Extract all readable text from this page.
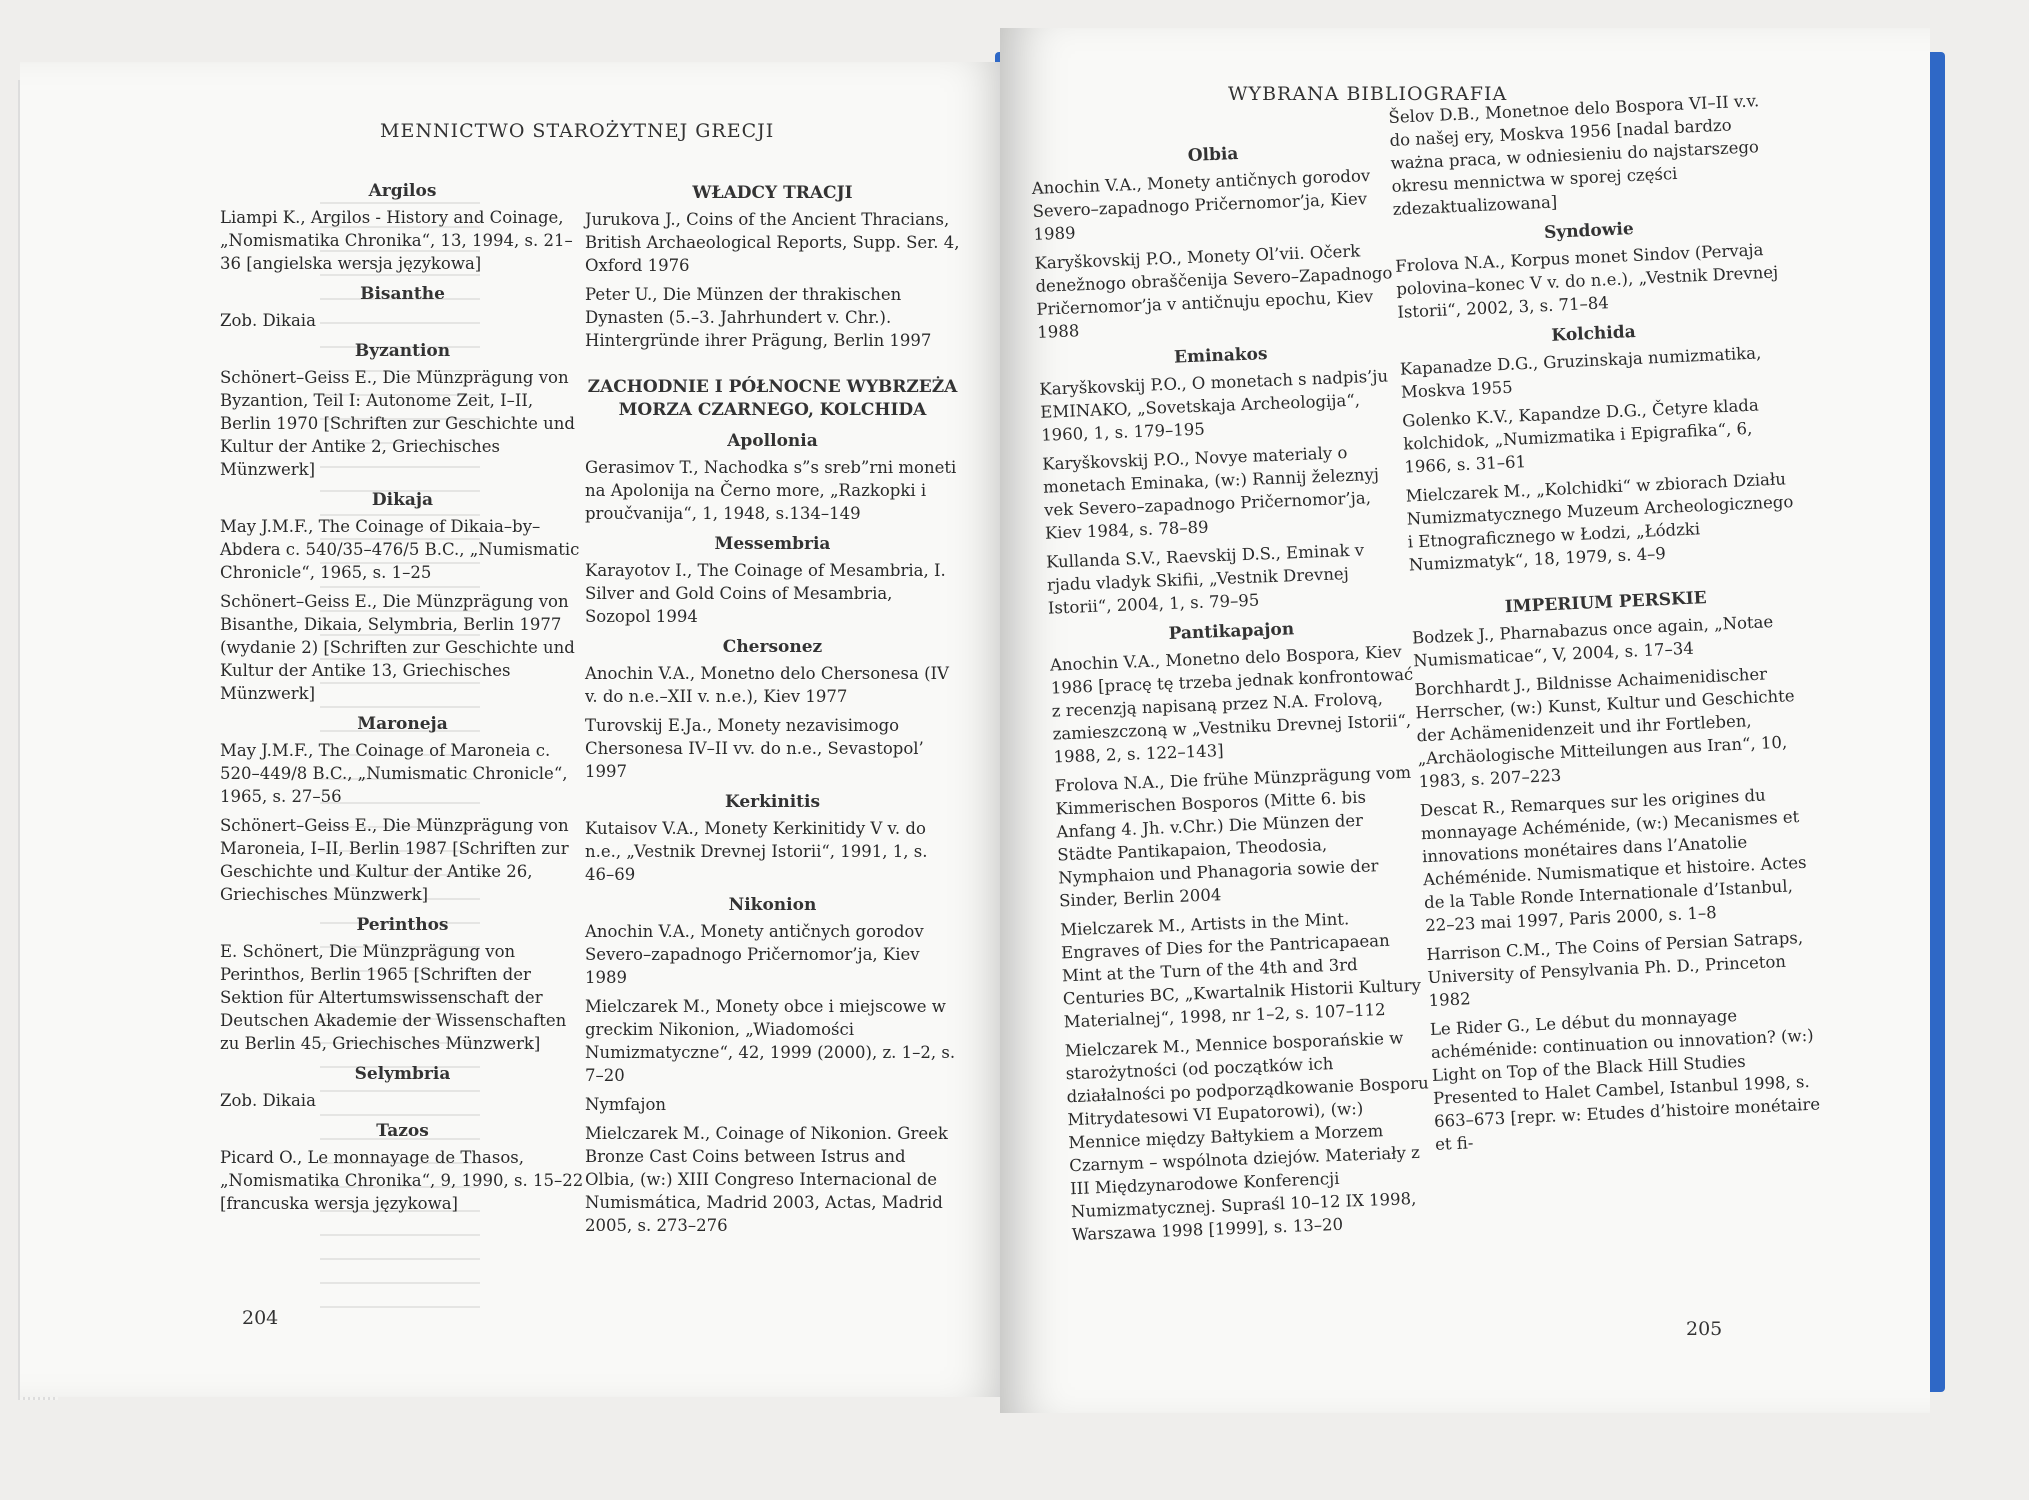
MENNICTWO STAROŻYTNEJ GRECJI
Argilos

Liampi K., Argilos - History and Coinage, „Nomismatika Chronika“, 13, 1994, s. 21–36 [angielska wersja językowa]

Bisanthe

Zob. Dikaia

Byzantion

Schönert–Geiss E., Die Münzprägung von Byzantion, Teil I: Autonome Zeit, I–II, Berlin 1970 [Schriften zur Geschichte und Kultur der Antike 2, Griechisches Münzwerk]

Dikaja

May J.M.F., The Coinage of Dikaia–by–Abdera c. 540/35–476/5 B.C., „Numismatic Chronicle“, 1965, s. 1–25

Schönert–Geiss E., Die Münzprägung von Bisanthe, Dikaia, Selymbria, Berlin 1977 (wydanie 2) [Schriften zur Geschichte und Kultur der Antike 13, Griechisches Münzwerk]

Maroneja

May J.M.F., The Coinage of Maroneia c. 520–449/8 B.C., „Numismatic Chronicle“, 1965, s. 27–56

Schönert–Geiss E., Die Münzprägung von Maroneia, I–II, Berlin 1987 [Schriften zur Geschichte und Kultur der Antike 26, Griechisches Münzwerk]

Perinthos

E. Schönert, Die Münzprägung von Perinthos, Berlin 1965 [Schriften der Sektion für Altertumswissenschaft der Deutschen Akademie der Wissenschaften zu Berlin 45, Griechisches Münzwerk]

Selymbria

Zob. Dikaia

Tazos

Picard O., Le monnayage de Thasos, „Nomismatika Chronika“, 9, 1990, s. 15–22 [francuska wersja językowa]

WŁADCY TRACJI

Jurukova J., Coins of the Ancient Thracians, British Archaeological Reports, Supp. Ser. 4, Oxford 1976

Peter U., Die Münzen der thrakischen Dynasten (5.–3. Jahrhundert v. Chr.). Hintergründe ihrer Prägung, Berlin 1997

ZACHODNIE I PÓŁNOCNE WYBRZEŻA MORZA CZARNEGO, KOLCHIDA
Apollonia

Gerasimov T., Nachodka s”s sreb”rni moneti na Apolonija na Černo more, „Razkopki i proučvanija“, 1, 1948, s.134–149

Messembria

Karayotov I., The Coinage of Mesambria, I. Silver and Gold Coins of Mesambria, Sozopol 1994

Chersonez

Anochin V.A., Monetno delo Chersonesa (IV v. do n.e.–XII v. n.e.), Kiev 1977

Turovskij E.Ja., Monety nezavisimogo Chersonesa IV–II vv. do n.e., Sevastopol’ 1997

Kerkinitis

Kutaisov V.A., Monety Kerkinitidy V v. do n.e., „Vestnik Drevnej Istorii“, 1991, 1, s. 46–69

Nikonion

Anochin V.A., Monety antičnych gorodov Severo–zapadnogo Pričernomor’ja, Kiev 1989

Mielczarek M., Monety obce i miejscowe w greckim Nikonion, „Wiadomości Numizmatyczne“, 42, 1999 (2000), z. 1–2, s. 7–20

Nymfajon

Mielczarek M., Coinage of Nikonion. Greek Bronze Cast Coins between Istrus and Olbia, (w:) XIII Congreso Internacional de Numismática, Madrid 2003, Actas, Madrid 2005, s. 273–276

204
WYBRANA BIBLIOGRAFIA
Olbia

Anochin V.A., Monety antičnych gorodov Severo–zapadnogo Pričernomor’ja, Kiev 1989

Karyškovskij P.O., Monety Ol’vii. Očerk denežnogo obraščenija Severo–Zapadnogo Pričernomor’ja v antičnuju epochu, Kiev 1988

Eminakos

Karyškovskij P.O., O monetach s nadpis’ju EMINAKO, „Sovetskaja Archeologija“, 1960, 1, s. 179–195

Karyškovskij P.O., Novye materialy o monetach Eminaka, (w:) Rannij železnyj vek Severo–zapadnogo Pričernomor’ja, Kiev 1984, s. 78–89

Kullanda S.V., Raevskij D.S., Eminak v rjadu vladyk Skifii, „Vestnik Drevnej Istorii“, 2004, 1, s. 79–95

Pantikapajon

Anochin V.A., Monetno delo Bospora, Kiev 1986 [pracę tę trzeba jednak konfrontować z recenzją napisaną przez N.A. Frolovą, zamieszczoną w „Vestniku Drevnej Istorii“, 1988, 2, s. 122–143]

Frolova N.A., Die frühe Münzprägung vom Kimmerischen Bosporos (Mitte 6. bis Anfang 4. Jh. v.Chr.) Die Münzen der Städte Pantikapaion, Theodosia, Nymphaion und Phanagoria sowie der Sinder, Berlin 2004

Mielczarek M., Artists in the Mint. Engraves of Dies for the Pantricapaean Mint at the Turn of the 4th and 3rd Centuries BC, „Kwartalnik Historii Kultury Materialnej“, 1998, nr 1–2, s. 107–112

Mielczarek M., Mennice bosporańskie w starożytności (od początków ich działalności po podporządkowanie Bosporu Mitrydatesowi VI Eupatorowi), (w:) Mennice między Bałtykiem a Morzem Czarnym – wspólnota dziejów. Materiały z III Międzynarodowe Konferencji Numizmatycznej. Supraśl 10–12 IX 1998, Warszawa 1998 [1999], s. 13–20

Šelov D.B., Monetnoe delo Bospora VI–II v.v. do našej ery, Moskva 1956 [nadal bardzo ważna praca, w odniesieniu do najstarszego okresu mennictwa w sporej części zdezaktualizowana]

Syndowie

Frolova N.A., Korpus monet Sindov (Pervaja polovina–konec V v. do n.e.), „Vestnik Drevnej Istorii“, 2002, 3, s. 71–84

Kolchida

Kapanadze D.G., Gruzinskaja numizmatika, Moskva 1955

Golenko K.V., Kapandze D.G., Četyre klada kolchidok, „Numizmatika i Epigrafika“, 6, 1966, s. 31–61

Mielczarek M., „Kolchidki“ w zbiorach Działu Numizmatycznego Muzeum Archeologicznego i Etnograficznego w Łodzi, „Łódzki Numizmatyk“, 18, 1979, s. 4–9

IMPERIUM PERSKIE

Bodzek J., Pharnabazus once again, „Notae Numismaticae“, V, 2004, s. 17–34

Borchhardt J., Bildnisse Achaimenidischer Herrscher, (w:) Kunst, Kultur und Geschichte der Achämenidenzeit und ihr Fortleben, „Archäologische Mitteilungen aus Iran“, 10, 1983, s. 207–223

Descat R., Remarques sur les origines du monnayage Achéménide, (w:) Mecanismes et innovations monétaires dans l’Anatolie Achéménide. Numismatique et histoire. Actes de la Table Ronde Internationale d’Istanbul, 22–23 mai 1997, Paris 2000, s. 1–8

Harrison C.M., The Coins of Persian Satraps, University of Pensylvania Ph. D., Princeton 1982

Le Rider G., Le début du monnayage achéménide: continuation ou innovation? (w:) Light on Top of the Black Hill Studies Presented to Halet Cambel, Istanbul 1998, s. 663–673 [repr. w: Etudes d’histoire monétaire et fi-

205
